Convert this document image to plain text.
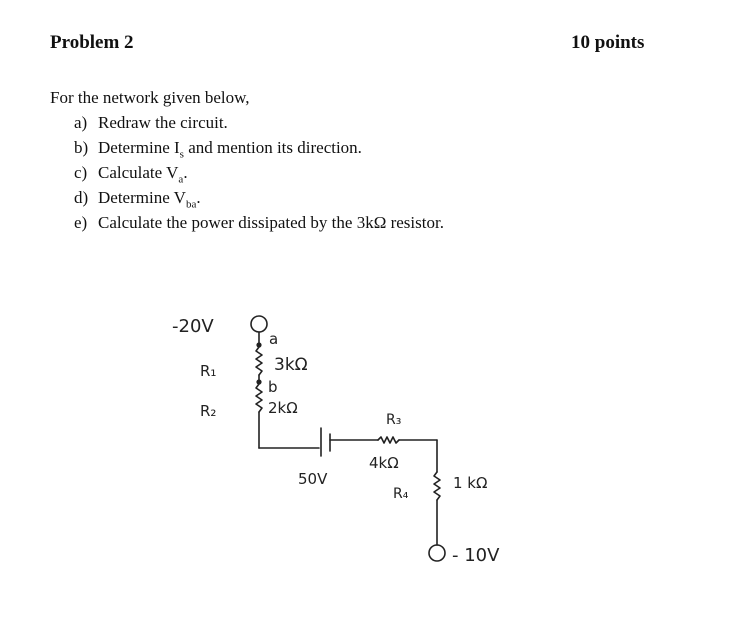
Problem 2	10 points
For the network given below,
a) Redraw the circuit.
b) Determine $I_s$ and mention its direction.
c) Calculate $V_a$.
d) Determine $V_{ba}$.
e) Calculate the power dissipated by the 3kΩ resistor.
-20V
a
R₁	3kΩ
b
R₂	2kΩ
50V
R₃
4kΩ
R₄
1 kΩ
- 10V
